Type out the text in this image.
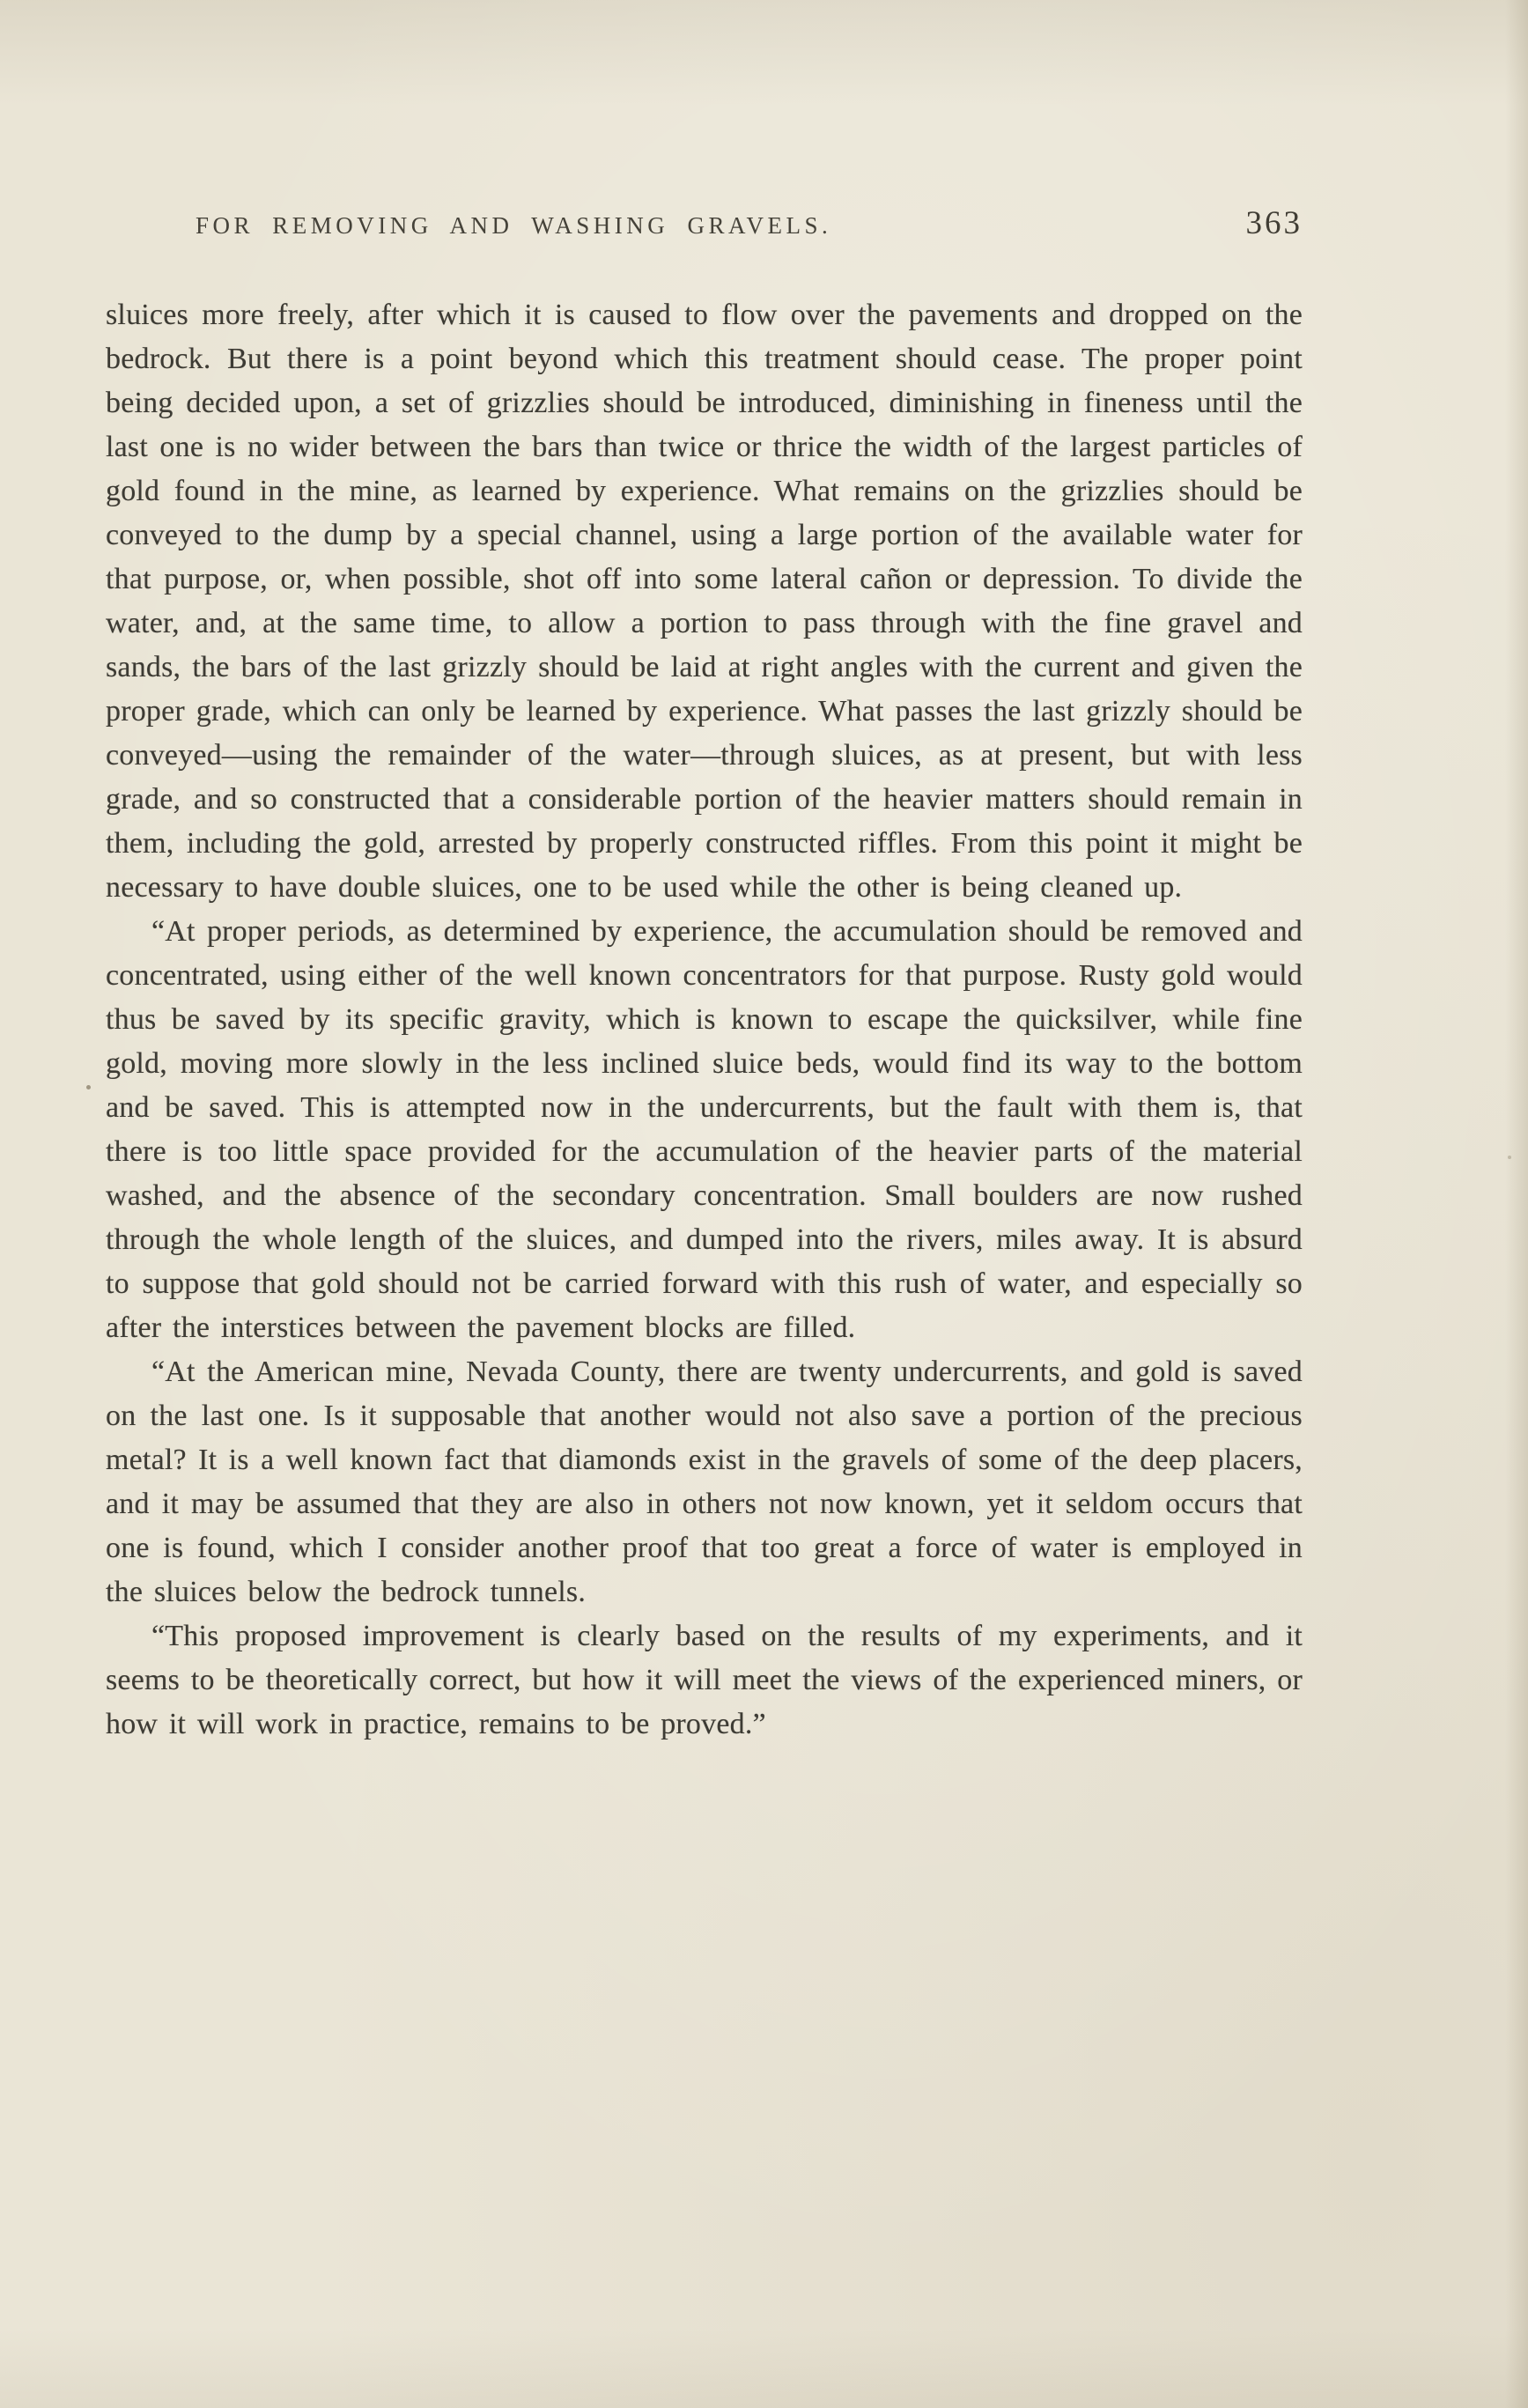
FOR REMOVING AND WASHING GRAVELS.	363

sluices more freely, after which it is caused to flow over the pavements and dropped on the bedrock. But there is a point beyond which this treatment should cease. The proper point being decided upon, a set of grizzlies should be introduced, diminishing in fineness until the last one is no wider between the bars than twice or thrice the width of the largest particles of gold found in the mine, as learned by experience. What remains on the grizzlies should be conveyed to the dump by a special channel, using a large portion of the available water for that purpose, or, when possible, shot off into some lateral cañon or depression. To divide the water, and, at the same time, to allow a portion to pass through with the fine gravel and sands, the bars of the last grizzly should be laid at right angles with the current and given the proper grade, which can only be learned by experience. What passes the last grizzly should be conveyed—using the remainder of the water—through sluices, as at present, but with less grade, and so constructed that a considerable portion of the heavier matters should remain in them, including the gold, arrested by properly constructed riffles. From this point it might be necessary to have double sluices, one to be used while the other is being cleaned up.

“At proper periods, as determined by experience, the accumulation should be removed and concentrated, using either of the well known concentrators for that purpose. Rusty gold would thus be saved by its specific gravity, which is known to escape the quicksilver, while fine gold, moving more slowly in the less inclined sluice beds, would find its way to the bottom and be saved. This is attempted now in the undercurrents, but the fault with them is, that there is too little space provided for the accumulation of the heavier parts of the material washed, and the absence of the secondary concentration. Small boulders are now rushed through the whole length of the sluices, and dumped into the rivers, miles away. It is absurd to suppose that gold should not be carried forward with this rush of water, and especially so after the interstices between the pavement blocks are filled.

“At the American mine, Nevada County, there are twenty undercurrents, and gold is saved on the last one. Is it supposable that another would not also save a portion of the precious metal? It is a well known fact that diamonds exist in the gravels of some of the deep placers, and it may be assumed that they are also in others not now known, yet it seldom occurs that one is found, which I consider another proof that too great a force of water is employed in the sluices below the bedrock tunnels.

“This proposed improvement is clearly based on the results of my experiments, and it seems to be theoretically correct, but how it will meet the views of the experienced miners, or how it will work in practice, remains to be proved.”
